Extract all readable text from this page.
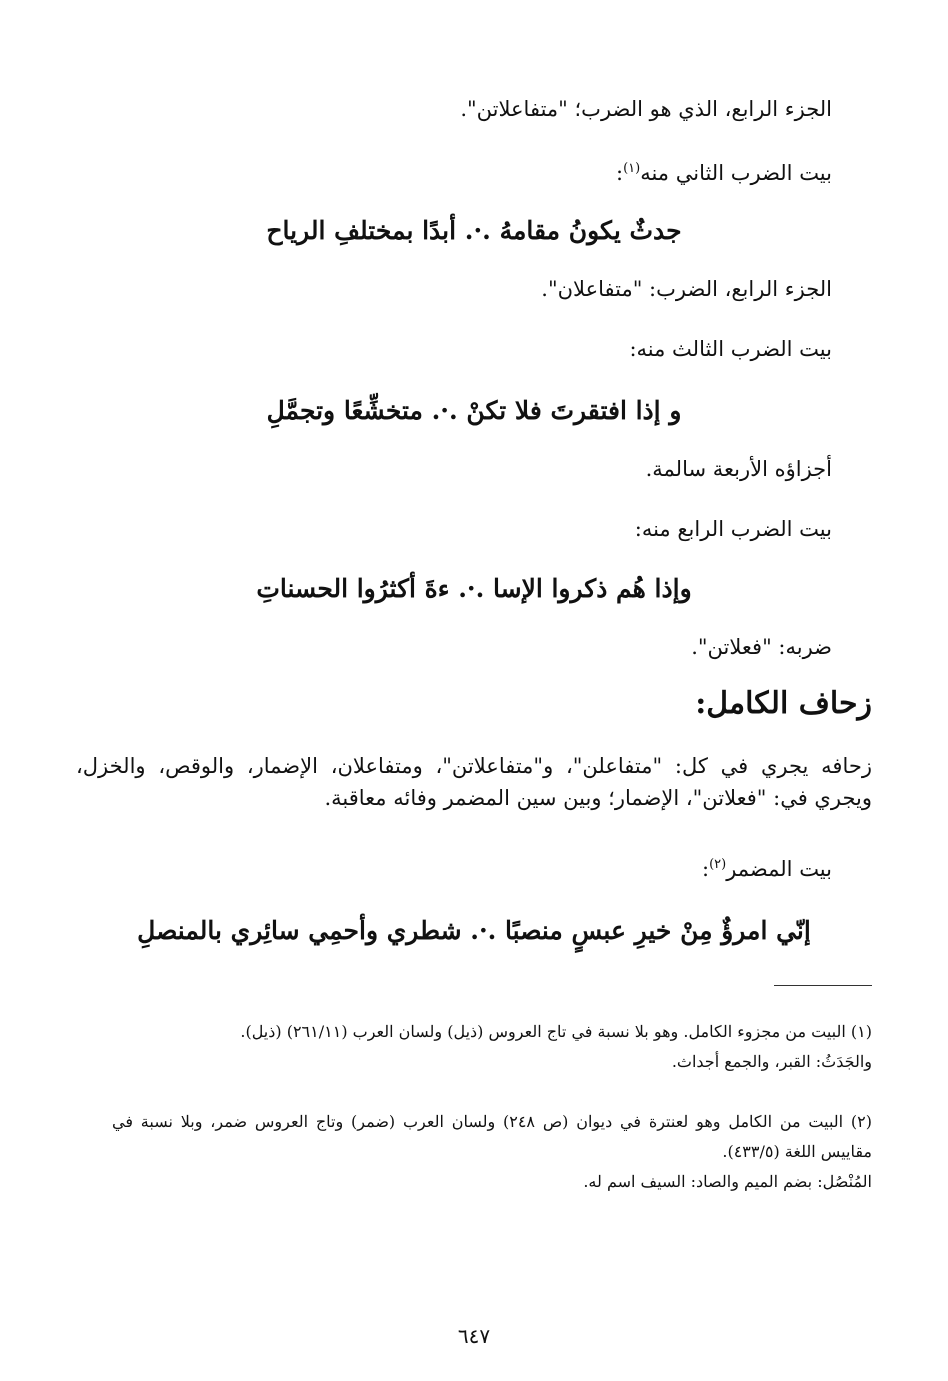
الجزء الرابع، الذي هو الضرب؛ "متفاعلاتن".
بيت الضرب الثاني منه$^{(١)}$:
جدثٌ يكونُ مقامهُ .·. أبدًا بمختلفِ الرياح
الجزء الرابع، الضرب: "متفاعلان".
بيت الضرب الثالث منه:
و إذا افتقرتَ فلا تكنْ .·. متخشِّعًا وتجمَّلِ
أجزاؤه الأربعة سالمة.
بيت الضرب الرابع منه:
وإذا هُم ذكروا الإسا .·. ءةَ أكثرُوا الحسناتِ
ضربه: "فعلاتن".
زحاف الكامل:
زحافه يجري في كل: "متفاعلن"، و"متفاعلاتن"، ومتفاعلان، الإضمار، والوقص، والخزل، ويجري في: "فعلاتن"، الإضمار؛ وبين سين المضمر وفائه معاقبة.
بيت المضمر$^{(٢)}$:
إنّي امرؤٌ مِنْ خيرِ عبسٍ منصبًا .·. شطري وأحمِي سائِري بالمنصلِ
(١) البيت من مجزوء الكامل. وهو بلا نسبة في تاج العروس (ذيل) ولسان العرب (٢٦١/١١) (ذيل).
والجَدَثُ: القبر، والجمع أجداث.
(٢) البيت من الكامل وهو لعنترة في ديوان (ص ٢٤٨) ولسان العرب (ضمر) وتاج العروس ضمر، وبلا نسبة في مقاييس اللغة (٤٣٣/٥).
المُنْصُل: بضم الميم والصاد: السيف اسم له.
٦٤٧
